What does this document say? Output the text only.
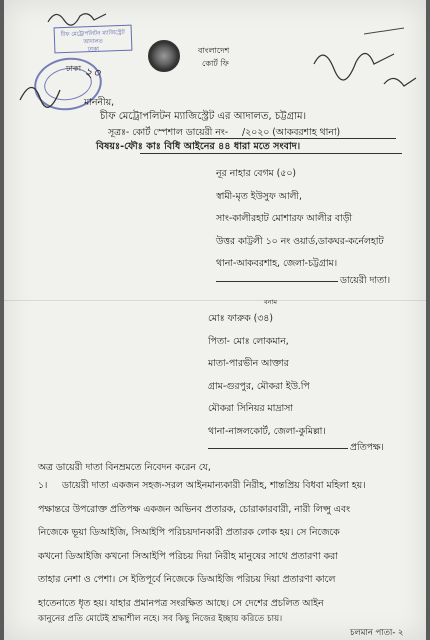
চীফ মেট্রোপলিটন ম্যাজিস্ট্রেট আদালত
ঢাকা
ঢাকা ২০
বাংলাদেশ
কোর্ট ফি
মাননীয়,
চীফ মেট্রোপলিটন ম্যাজিস্ট্রেট এর আদালত, চট্টগ্রাম।
সূত্রঃ- কোর্ট স্পেশাল ডায়েরী নং- /২০২০ (আকবরশাহ থানা)
বিষয়ঃ-ফৌঃ কাঃ বিধি আইনের ৪৪ ধারা মতে সংবাদ।
নূর নাহার বেগম (৫০)
স্বামী-মৃত ইউসুফ আলী,
সাং-কালীরহাট মোশারফ আলীর বাড়ী
উত্তর কাট্টলী ১০ নং ওয়ার্ড,ডাকঘর-কর্নেলহাট
থানা-আকবরশাহ, জেলা-চট্টগ্রাম।
ডায়েরী দাতা।
বনাম
মোঃ ফারুক (৩৪)
পিতা- মোঃ লোকমান,
মাতা-পারভীন আক্তার
গ্রাম-গুরপুর, মৌকরা ইউ.পি
মৌকরা সিনিয়র মাদ্রাসা
থানা-নাঙ্গলকোর্ট, জেলা-কুমিল্লা।
প্রতিপক্ষ।
অত্র ডায়েরী দাতা বিনম্রমতে নিবেদন করেন যে,
১। ডায়েরী দাতা একজন সহজ-সরল আইনমান্যকারী নিরীহ, শান্তপ্রিয় বিধবা মহিলা হয়।
পক্ষান্তরে উপরোক্ত প্রতিপক্ষ একজন অভিনব প্রতারক, চোরাকারবারী, নারী লিপ্সু এবং
নিজেকে ভূয়া ডিআইজি, সিআইপি পরিচয়দানকারী প্রতারক লোক হয়। সে নিজেকে
কখনো ডিআইজি কখনো সিআইপি পরিচয় দিয়া নিরীহ মানুষের সাথে প্রতারণা করা
তাহার নেশা ও পেশা। সে ইতিপূর্বে নিজেকে ডিআইজি পরিচয় দিয়া প্রতারণা কালে
হাতেনাতে ধৃত হয়। যাহার প্রমানপত্র সংরক্ষিত আছে। সে দেশের প্রচলিত আইন
কানুনের প্রতি মোটেই শ্রদ্ধাশীল নহে। সব কিছু নিজের ইচ্ছায় করিতে চায়।
চলমান পাতা- ২
